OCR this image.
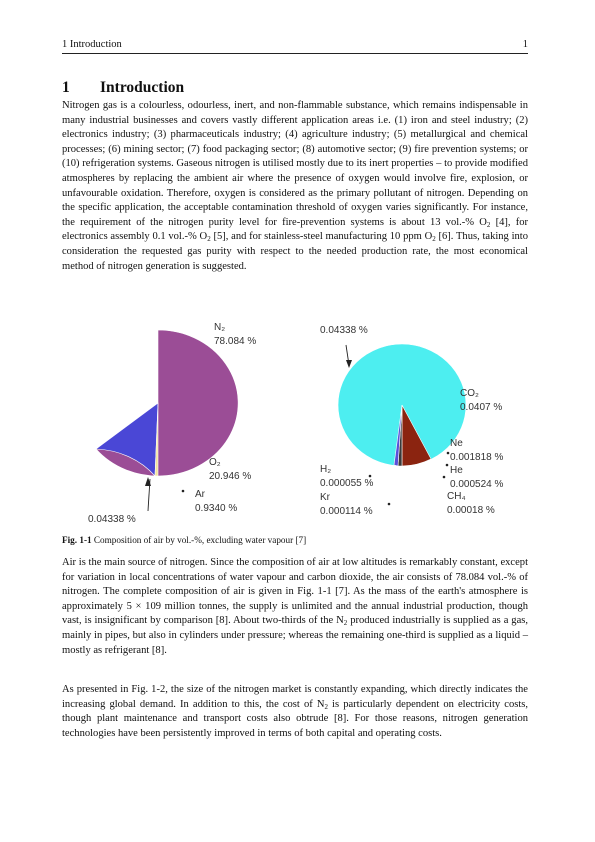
1 Introduction	1
1 Introduction

Nitrogen gas is a colourless, odourless, inert, and non-flammable substance, which remains indispensable in many industrial businesses and covers vastly different application areas i.e. (1) iron and steel industry; (2) electronics industry; (3) pharmaceuticals industry; (4) agriculture industry; (5) metallurgical and chemical processes; (6) mining sector; (7) food packaging sector; (8) automotive sector; (9) fire prevention systems; or (10) refrigeration systems. Gaseous nitrogen is utilised mostly due to its inert properties – to provide modified atmospheres by replacing the ambient air where the presence of oxygen would involve fire, explosion, or unfavourable oxidation. Therefore, oxygen is considered as the primary pollutant of nitrogen. Depending on the specific application, the acceptable contamination threshold of oxygen varies significantly. For instance, the requirement of the nitrogen purity level for fire-prevention systems is about 13 vol.-% $O_2$ [4], for electronics assembly 0.1 vol.-% $O_2$ [5], and for stainless-steel manufacturing 10 ppm $O_2$ [6]. Thus, taking into consideration the requested gas purity with respect to the needed production rate, the most economical method of nitrogen generation is suggested.

N₂
78.084 %
O₂
20.946 %
Ar
0.9340 %
0.04338 %
0.04338 %
CO₂
0.0407 %
Ne
0.001818 %
He
0.000524 %
CH₄
0.00018 %
H₂
0.000055 %
Kr
0.000114 %
Fig. 1-1 Composition of air by vol.-%, excluding water vapour [7]

Air is the main source of nitrogen. Since the composition of air at low altitudes is remarkably constant, except for variation in local concentrations of water vapour and carbon dioxide, the air consists of 78.084 vol.-% of nitrogen. The complete composition of air is given in Fig. 1-1 [7]. As the mass of the earth's atmosphere is approximately 5 × 109 million tonnes, the supply is unlimited and the annual industrial production, though vast, is insignificant by comparison [8]. About two-thirds of the $N_2$ produced industrially is supplied as a gas, mainly in pipes, but also in cylinders under pressure; whereas the remaining one-third is supplied as a liquid – mostly as refrigerant [8].

As presented in Fig. 1-2, the size of the nitrogen market is constantly expanding, which directly indicates the increasing global demand. In addition to this, the cost of $N_2$ is particularly dependent on electricity costs, though plant maintenance and transport costs also obtrude [8]. For those reasons, nitrogen generation technologies have been persistently improved in terms of both capital and operating costs.
